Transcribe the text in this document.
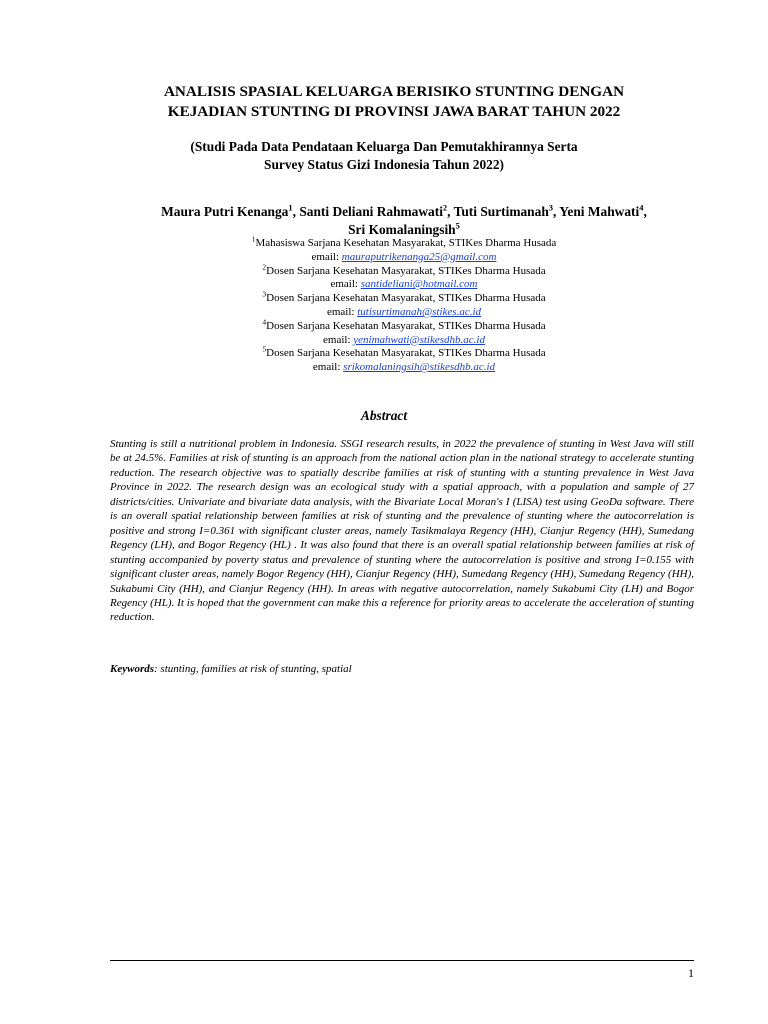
ANALISIS SPASIAL KELUARGA BERISIKO STUNTING DENGAN
KEJADIAN STUNTING DI PROVINSI JAWA BARAT TAHUN 2022
(Studi Pada Data Pendataan Keluarga Dan Pemutakhirannya Serta
Survey Status Gizi Indonesia Tahun 2022)
Maura Putri Kenanga$^1$, Santi Deliani Rahmawati$^2$, Tuti Surtimanah$^3$, Yeni Mahwati$^4$,
Sri Komalaningsih$^5$
$^1$Mahasiswa Sarjana Kesehatan Masyarakat, STIKes Dharma Husada
email: mauraputrikenanga25@gmail.com
$^2$Dosen Sarjana Kesehatan Masyarakat, STIKes Dharma Husada
email: santideliani@hotmail.com
$^3$Dosen Sarjana Kesehatan Masyarakat, STIKes Dharma Husada
email: tutisurtimanah@stikes.ac.id
$^4$Dosen Sarjana Kesehatan Masyarakat, STIKes Dharma Husada
email: yenimahwati@stikesdhb.ac.id
$^5$Dosen Sarjana Kesehatan Masyarakat, STIKes Dharma Husada
email: srikomalaningsih@stikesdhb.ac.id
Abstract

Stunting is still a nutritional problem in Indonesia. SSGI research results, in 2022 the prevalence of stunting in West Java will still be at 24.5%. Families at risk of stunting is an approach from the national action plan in the national strategy to accelerate stunting reduction. The research objective was to spatially describe families at risk of stunting with a stunting prevalence in West Java Province in 2022. The research design was an ecological study with a spatial approach, with a population and sample of 27 districts/cities. Univariate and bivariate data analysis, with the Bivariate Local Moran's I (LISA) test using GeoDa software. There is an overall spatial relationship between families at risk of stunting and the prevalence of stunting where the autocorrelation is positive and strong I=0.361 with significant cluster areas, namely Tasikmalaya Regency (HH), Cianjur Regency (HH), Sumedang Regency (LH), and Bogor Regency (HL) . It was also found that there is an overall spatial relationship between families at risk of stunting accompanied by poverty status and prevalence of stunting where the autocorrelation is positive and strong I=0.155 with significant cluster areas, namely Bogor Regency (HH), Cianjur Regency (HH), Sumedang Regency (HH), Sumedang Regency (HH), Sukabumi City (HH), and Cianjur Regency (HH). In areas with negative autocorrelation, namely Sukabumi City (LH) and Bogor Regency (HL). It is hoped that the government can make this a reference for priority areas to accelerate the acceleration of stunting reduction.

Keywords: stunting, families at risk of stunting, spatial
1
